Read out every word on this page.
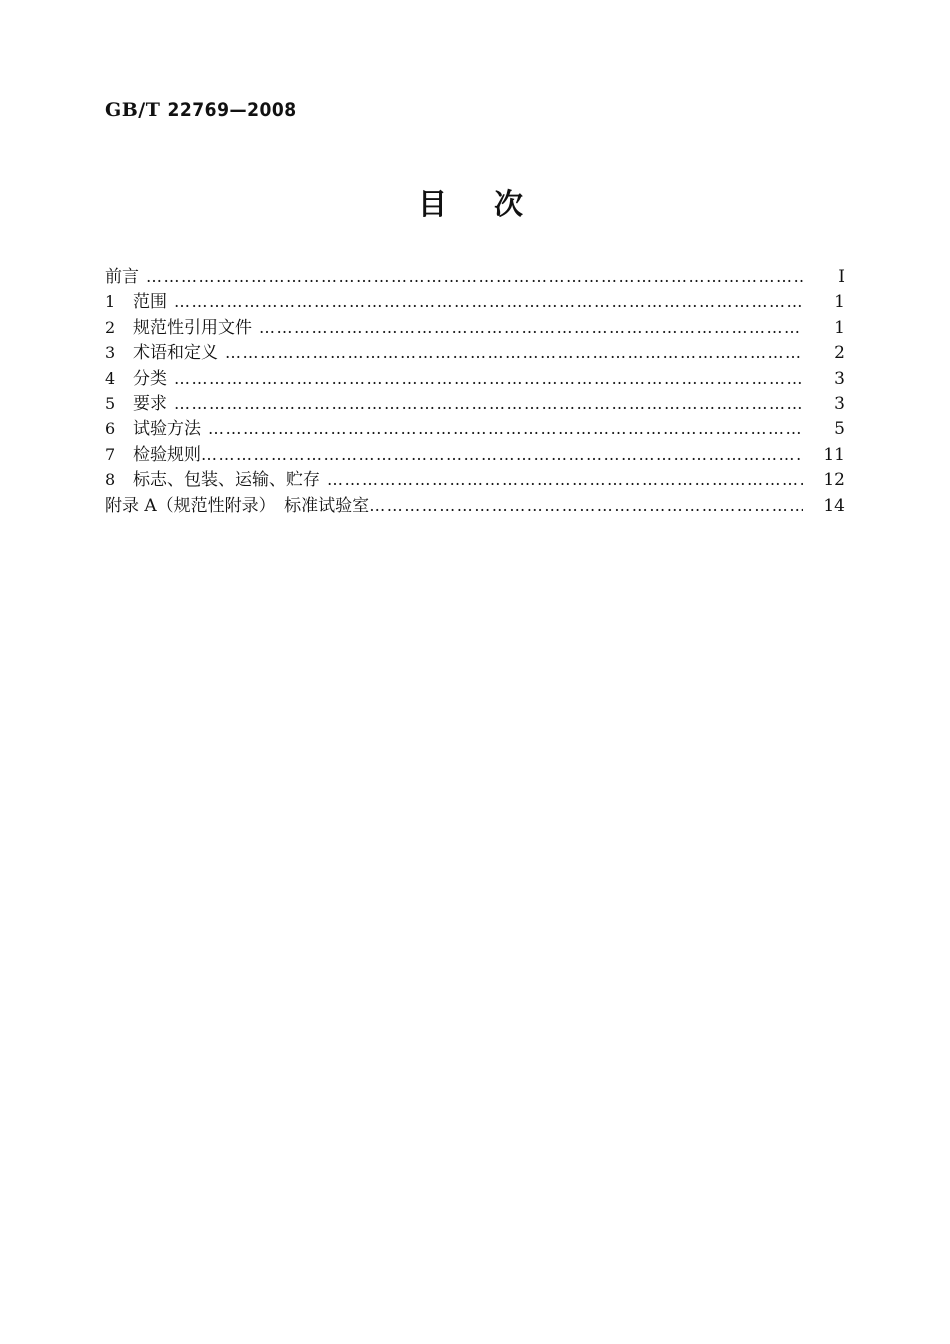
GB/T 22769—2008
目　次
前言 …………………………………………………………………………………………………………………………………………………………………………………………	I
1	范围 …………………………………………………………………………………………………………………………………………………………………………………………	1
2	规范性引用文件 …………………………………………………………………………………………………………………………………………………………………………………………	1
3	术语和定义 …………………………………………………………………………………………………………………………………………………………………………………………	2
4	分类 …………………………………………………………………………………………………………………………………………………………………………………………	3
5	要求 …………………………………………………………………………………………………………………………………………………………………………………………	3
6	试验方法 …………………………………………………………………………………………………………………………………………………………………………………………	5
7	检验规则 …………………………………………………………………………………………………………………………………………………………………………………………	11
8	标志、包装、运输、贮存 …………………………………………………………………………………………………………………………………………………………………………………………	12
附录 A（规范性附录）　标准试验室 …………………………………………………………………………………………………………………………………………………………………………………………	14
